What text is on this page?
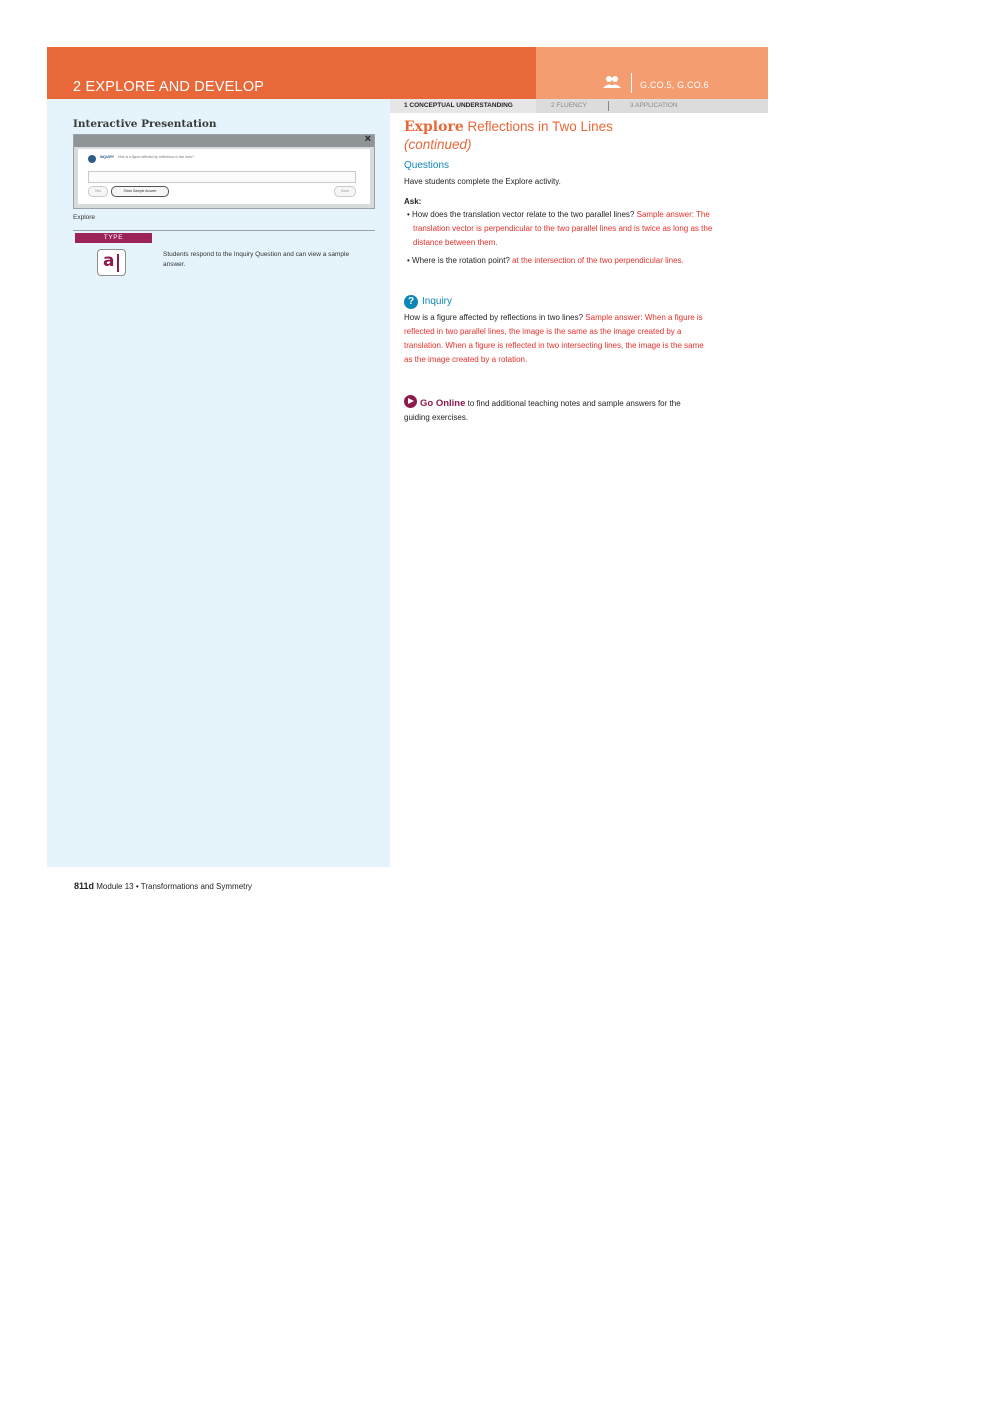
2 EXPLORE AND DEVELOP	G.CO.5, G.CO.6
Interactive Presentation
×
INQUIRY How is a figure affected by reflections in two lines?
Hint	Show Sample Answer	Done
Explore
TYPE
a	Students respond to the Inquiry Question and can view a sample answer.
811d Module 13 • Transformations and Symmetry
1 CONCEPTUAL UNDERSTANDING	2 FLUENCY	3 APPLICATION
Explore Reflections in Two Lines
(continued)
Questions
Have students complete the Explore activity.
Ask:
• How does the translation vector relate to the two parallel lines? Sample answer: The translation vector is perpendicular to the two parallel lines and is twice as long as the distance between them.
• Where is the rotation point? at the intersection of the two perpendicular lines.
?
Inquiry
How is a figure affected by reflections in two lines? Sample answer: When a figure is reflected in two parallel lines, the image is the same as the image created by a translation. When a figure is reflected in two intersecting lines, the image is the same as the image created by a rotation.
Go Online to find additional teaching notes and sample answers for the guiding exercises.
